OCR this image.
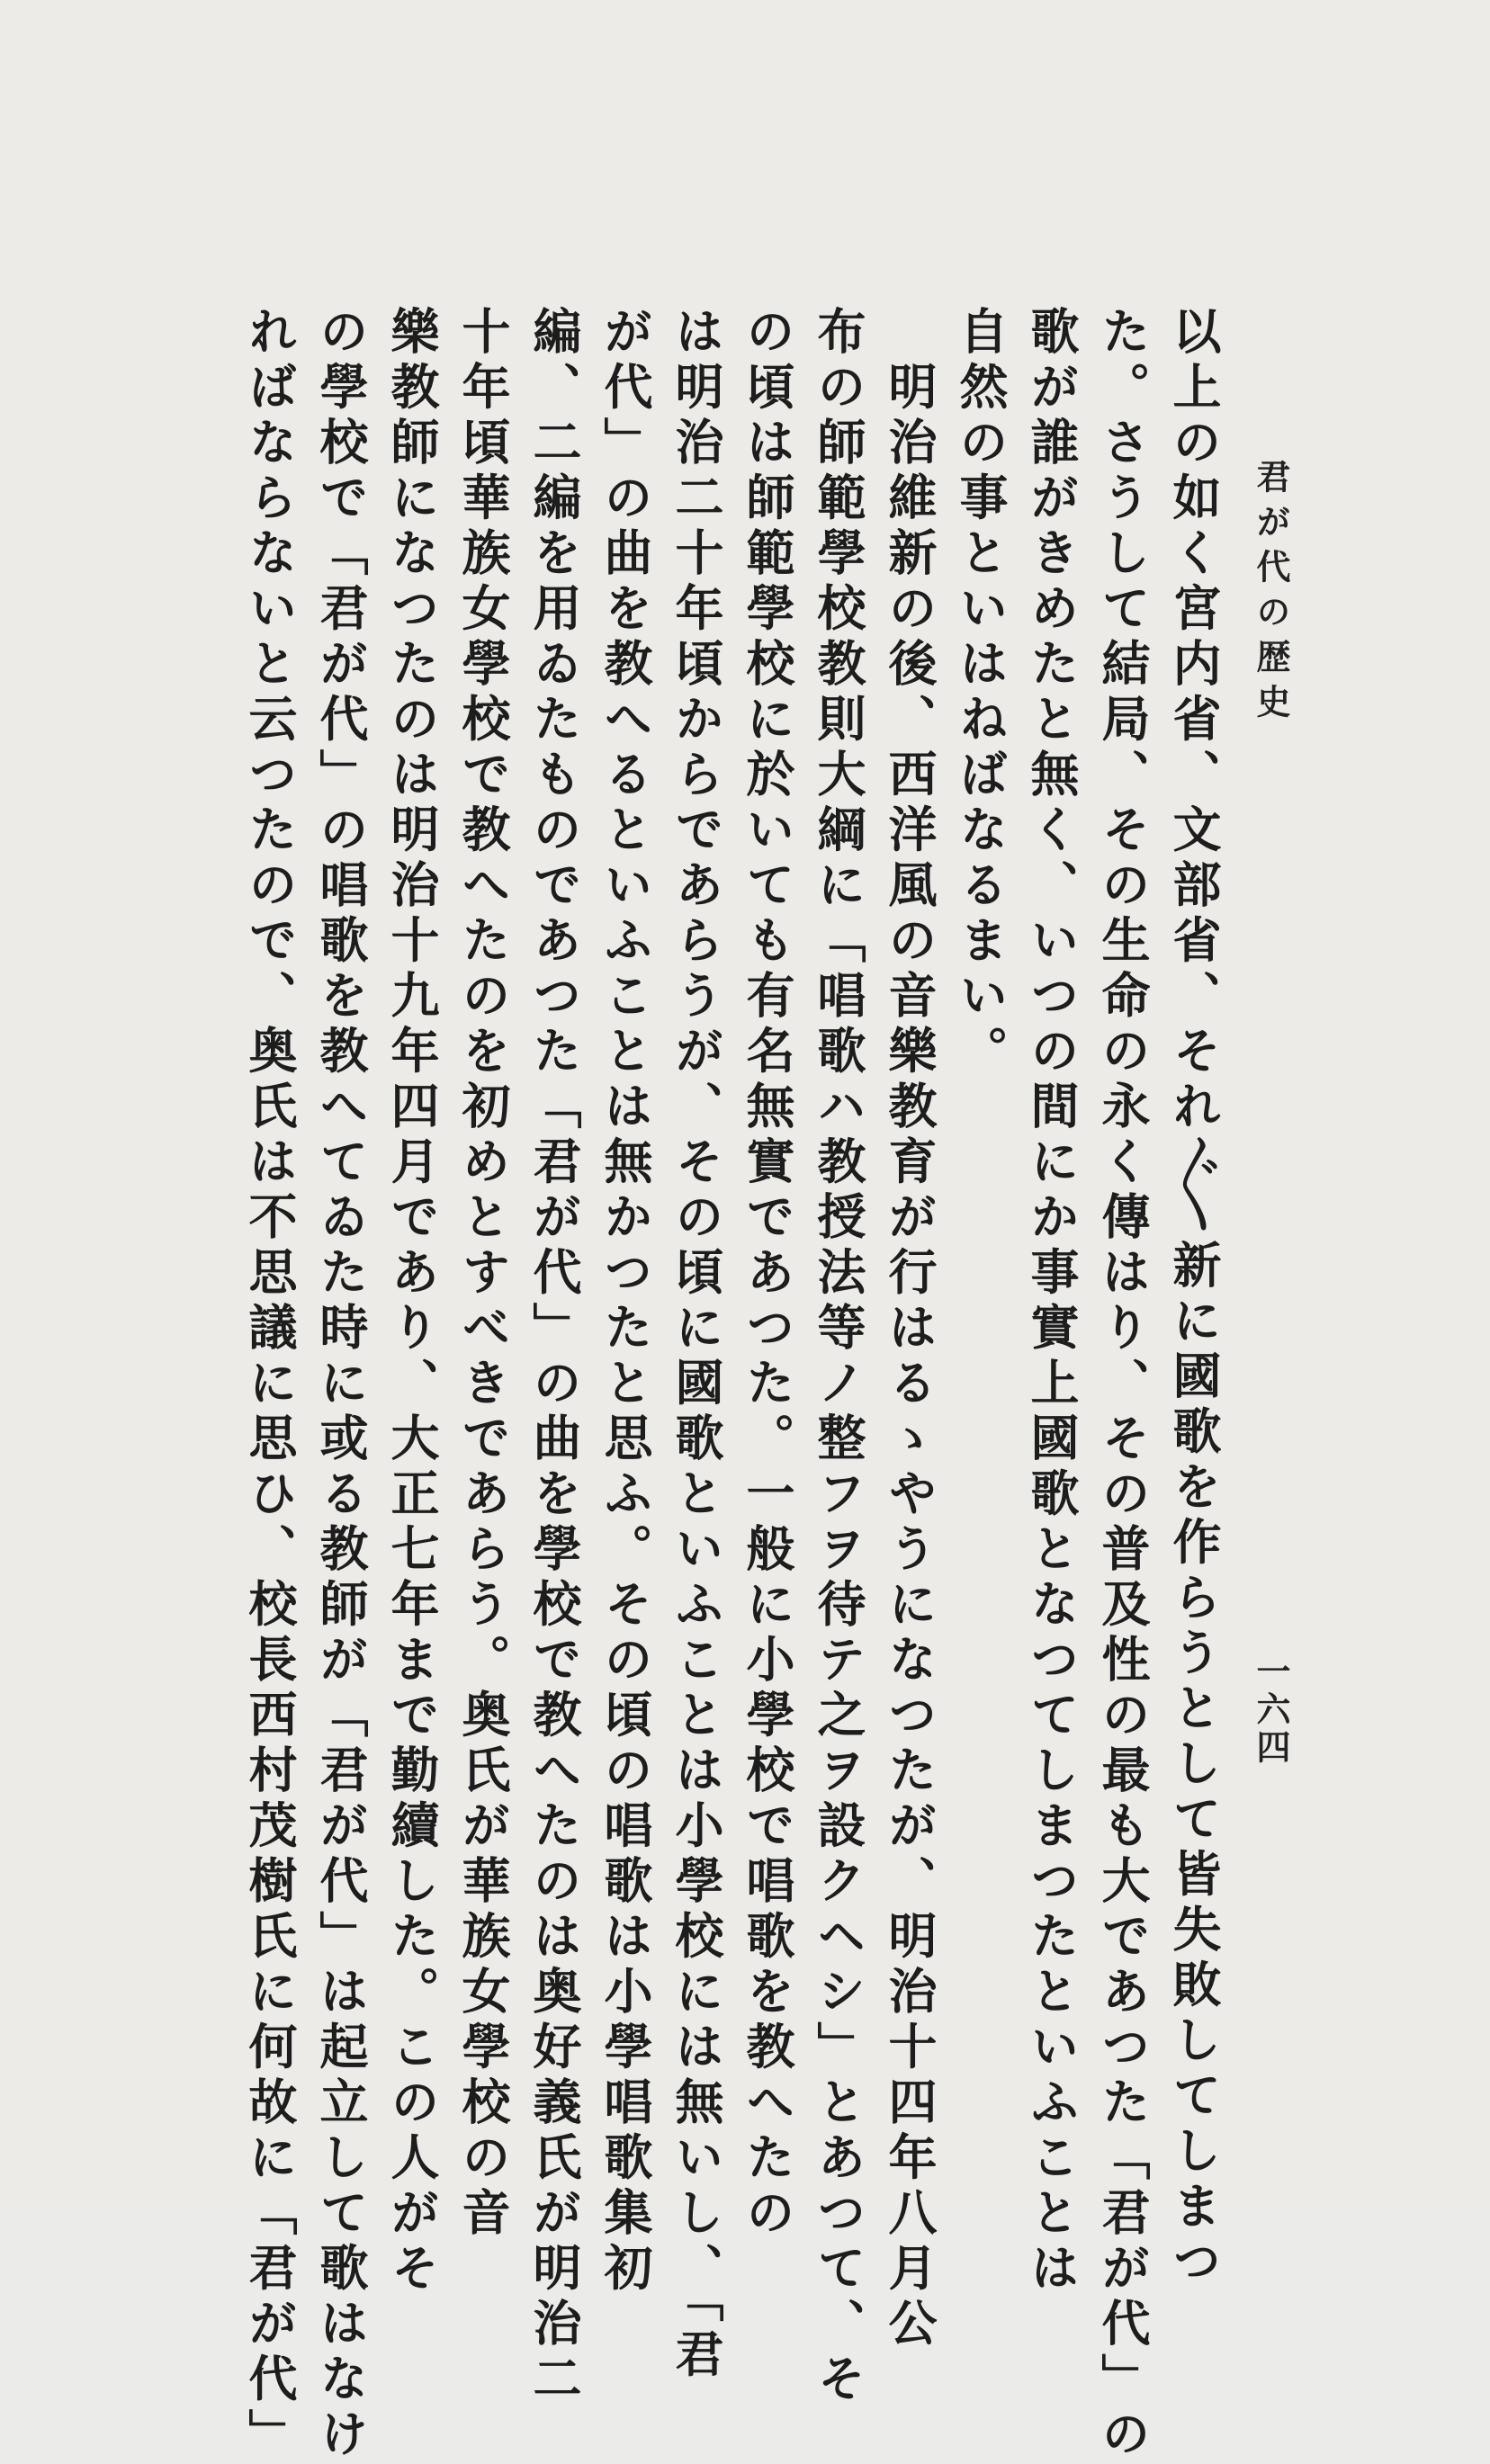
君が代の歴史
一六四
以上の如く宮内省、文部省、それ〴〵新に國歌を作らうとして皆失敗してしまつ
た。さうして結局、その生命の永く傳はり、その普及性の最も大であつた「君が代」の
歌が誰がきめたと無く、いつの間にか事實上國歌となつてしまつたといふことは
自然の事といはねばなるまい。
　明治維新の後、西洋風の音樂教育が行はるゝやうになつたが、明治十四年八月公
布の師範學校教則大綱に「唱歌ハ教授法等ノ整フヲ待テ之ヲ設クヘシ」とあつて、そ
の頃は師範學校に於いても有名無實であつた。一般に小學校で唱歌を教へたの
は明治二十年頃からであらうが、その頃に國歌といふことは小學校には無いし、「君
が代」の曲を教へるといふことは無かつたと思ふ。その頃の唱歌は小學唱歌集初
編、二編を用ゐたものであつた「君が代」の曲を學校で教へたのは奥好義氏が明治二
十年頃華族女學校で教へたのを初めとすべきであらう。奥氏が華族女學校の音
樂教師になつたのは明治十九年四月であり、大正七年まで勤續した。この人がそ
の學校で「君が代」の唱歌を教へてゐた時に或る教師が「君が代」は起立して歌はなけ
ればならないと云つたので、奥氏は不思議に思ひ、校長西村茂樹氏に何故に「君が代」
